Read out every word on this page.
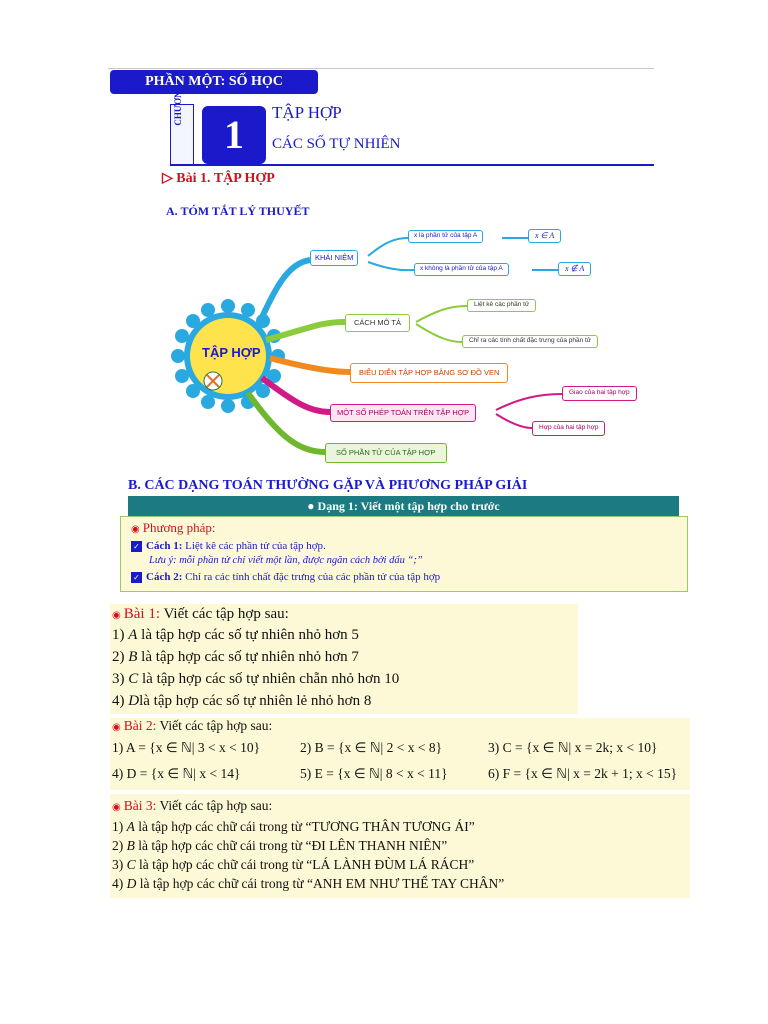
PHẦN MỘT: SỐ HỌC
CHƯƠNG
1	TẬP HỢP
CÁC SỐ TỰ NHIÊN
▷ Bài 1. TẬP HỢP
A. TÓM TẮT LÝ THUYẾT
TẬP HỢP
KHÁI NIỆM
x là phần tử của tập A
x không là phần tử của tập A
x ∈ A
x ∉ A
CÁCH MÔ TẢ
Liệt kê các phần tử
Chỉ ra các tính chất đặc trưng của phần tử
BIỂU DIỄN TẬP HỢP BẰNG SƠ ĐỒ VEN
MỘT SỐ PHÉP TOÁN TRÊN TẬP HỢP
Giao của hai tập hợp
Hợp của hai tập hợp
SỐ PHẦN TỬ CỦA TẬP HỢP
B. CÁC DẠNG TOÁN THƯỜNG GẶP VÀ PHƯƠNG PHÁP GIẢI
● Dạng 1: Viết một tập hợp cho trước
◉ Phương pháp:
✓ Cách 1: Liệt kê các phần tử của tập hợp.
Lưu ý: mỗi phần tử chỉ viết một lần, được ngăn cách bởi dấu “;”
✓ Cách 2: Chỉ ra các tính chất đặc trưng của các phần tử của tập hợp
◉ Bài 1: Viết các tập hợp sau:
1) A là tập hợp các số tự nhiên nhỏ hơn 5
2) B là tập hợp các số tự nhiên nhỏ hơn 7
3) C là tập hợp các số tự nhiên chẵn nhỏ hơn 10
4) Dlà tập hợp các số tự nhiên lẻ nhỏ hơn 8
◉ Bài 2: Viết các tập hợp sau:
1) A = {x ∈ ℕ| 3 < x < 10}	2) B = {x ∈ ℕ| 2 < x < 8}	3) C = {x ∈ ℕ| x = 2k; x < 10}
4) D = {x ∈ ℕ| x < 14}	5) E = {x ∈ ℕ| 8 < x < 11}	6) F = {x ∈ ℕ| x = 2k + 1; x < 15}
◉ Bài 3: Viết các tập hợp sau:
1) A là tập hợp các chữ cái trong từ “TƯƠNG THÂN TƯƠNG ÁI”
2) B là tập hợp các chữ cái trong từ “ĐI LÊN THANH NIÊN”
3) C là tập hợp các chữ cái trong từ “LÁ LÀNH ĐÙM LÁ RÁCH”
4) D là tập hợp các chữ cái trong từ “ANH EM NHƯ THỂ TAY CHÂN”
